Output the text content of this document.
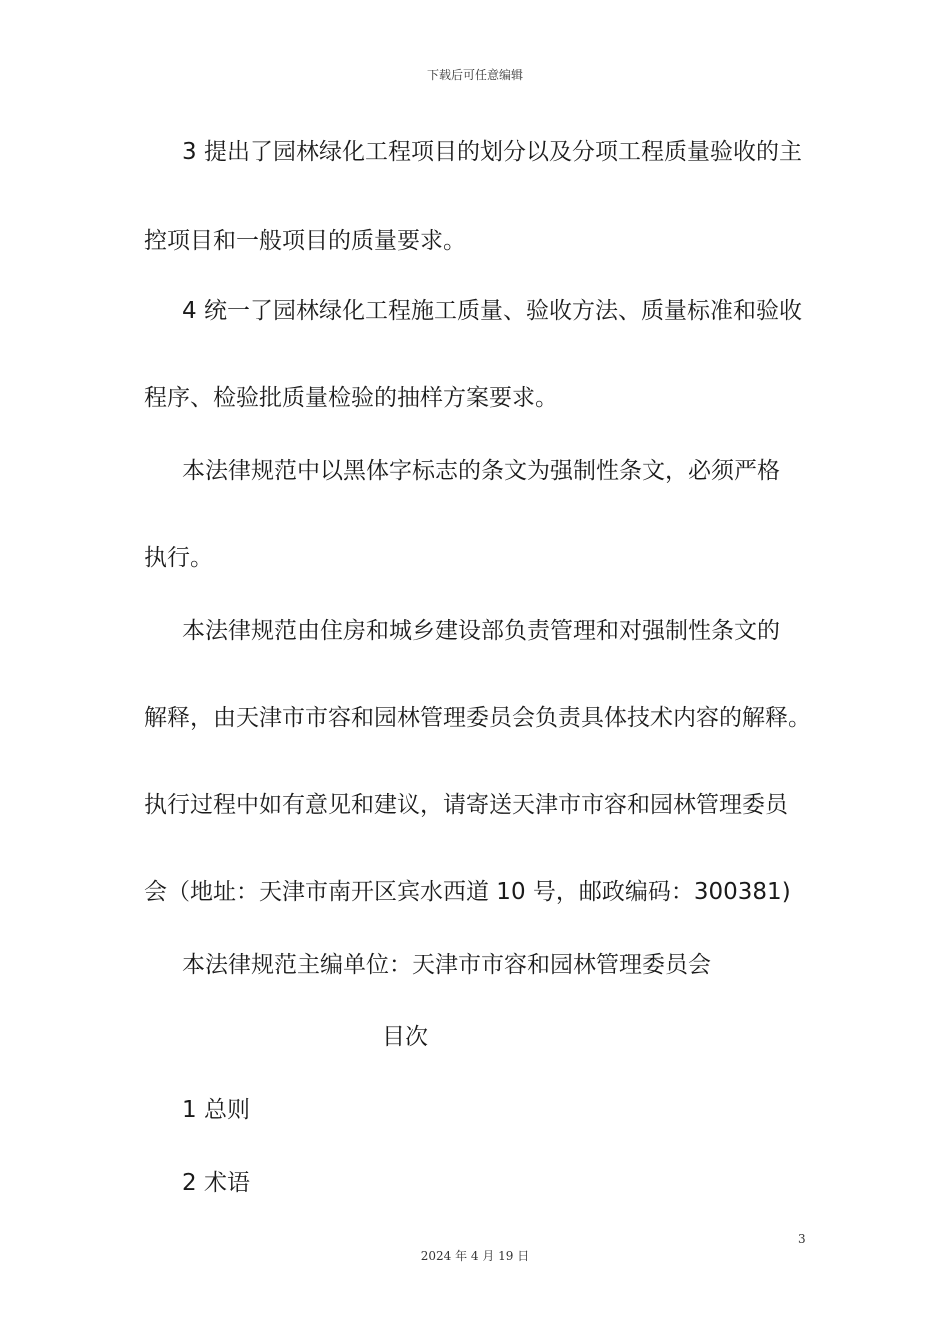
下载后可任意编辑
3 提出了园林绿化工程项目的划分以及分项工程质量验收的主
控项目和一般项目的质量要求。
4 统一了园林绿化工程施工质量、验收方法、质量标准和验收
程序、检验批质量检验的抽样方案要求。
本法律规范中以黑体字标志的条文为强制性条文，必须严格
执行。
本法律规范由住房和城乡建设部负责管理和对强制性条文的
解释，由天津市市容和园林管理委员会负责具体技术内容的解释。
执行过程中如有意见和建议，请寄送天津市市容和园林管理委员
会（地址：天津市南开区宾水西道 10 号，邮政编码：300381)
本法律规范主编单位：天津市市容和园林管理委员会
目次
1 总则
2 术语
3
2024 年 4 月 19 日
